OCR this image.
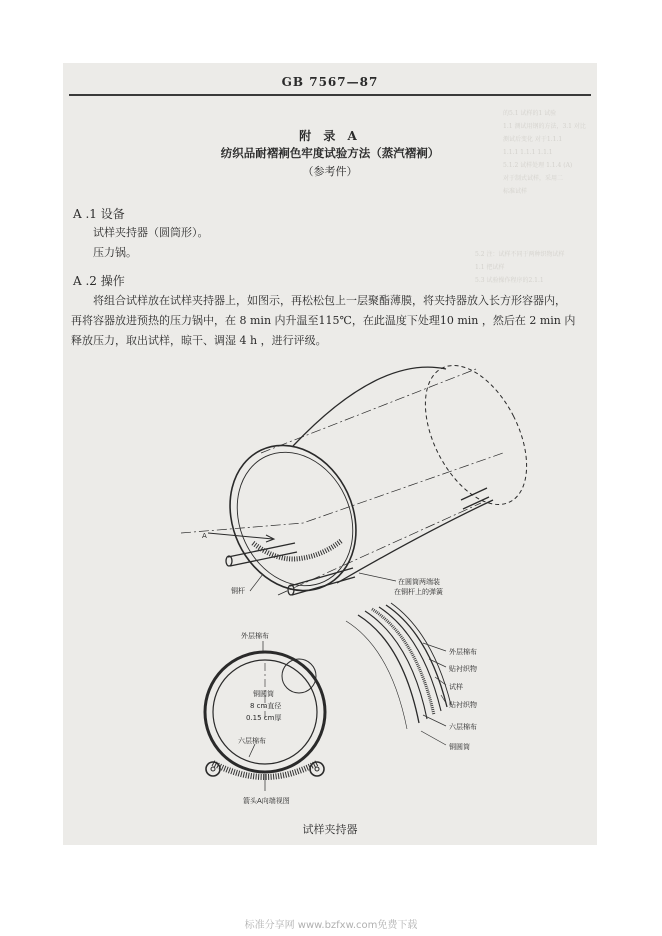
的5.1 试样的1 试验
1.1 测试用钢的方法，3.1 对比
测试后变化 对于1.1.1
1.1.1 1.1.1 1.1.1
5.1.2 试样处理 1.1.4 (A)
对于制式试样，采用二
标准试样
5.2 注：试样不同于两种织物试样
1.1 把试样
5.3 试验操作程序的2.1.1
GB 7567—87
附 录 A
纺织品耐褶裥色牢度试验方法（蒸汽褶裥）
（参考件）
A .1 设备
试样夹持器（圆筒形）。
压力锅。
A .2 操作
将组合试样放在试样夹持器上，如图示，再松松包上一层聚酯薄膜，将夹持器放入长方形容器内，
再将容器放进预热的压力锅中，在 8 min 内升温至115℃，在此温度下处理10 min ，然后在 2 min 内
释放压力，取出试样，晾干、调湿 4 h ，进行评级。
A
铜杆
在圆筒两端装
在铜杆上的弹簧
外层棉布
铜圆筒
8 cm直径
0.15 cm厚
六层棉布
箭头A向端视图
外层棉布
贴衬织物
试样
贴衬织物
六层棉布
铜圆筒
试样夹持器
标准分享网 www.bzfxw.com免费下载
